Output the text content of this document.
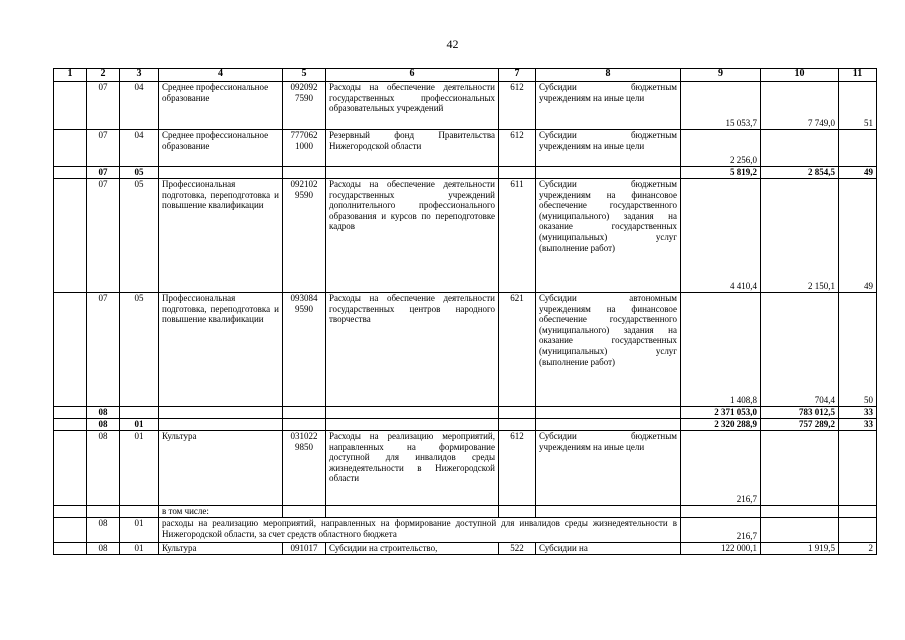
42
1	2	3	4	5	6	7	8	9	10	11
	07	04	Среднее профессиональное образование	092092 7590	Расходы на обеспечение деятельности государственных профессиональных образовательных учреждений	612	Субсидии бюджетным учреждениям на иные цели	15 053,7	7 749,0	51
	07	04	Среднее профессиональное образование	777062 1000	Резервный фонд Правительства Нижегородской области	612	Субсидии бюджетным учреждениям на иные цели	2 256,0		
	07	05						5 819,2	2 854,5	49
	07	05	Профессиональная подготовка, переподготовка и повышение квалификации	092102 9590	Расходы на обеспечение деятельности государственных учреждений дополнительного профессионального образования и курсов по переподготовке кадров	611	Субсидии бюджетным учреждениям на финансовое обеспечение государственного (муниципального) задания на оказание государственных (муниципальных) услуг (выполнение работ)	4 410,4	2 150,1	49
	07	05	Профессиональная подготовка, переподготовка и повышение квалификации	093084 9590	Расходы на обеспечение деятельности государственных центров народного творчества	621	Субсидии автономным учреждениям на финансовое обеспечение государственного (муниципального) задания на оказание государственных (муниципальных) услуг (выполнение работ)	1 408,8	704,4	50
	08							2 371 053,0	783 012,5	33
	08	01						2 320 288,9	757 289,2	33
	08	01	Культура	031022 9850	Расходы на реализацию мероприятий, направленных на формирование доступной для инвалидов среды жизнедеятельности в Нижегородской области	612	Субсидии бюджетным учреждениям на иные цели	216,7		
			в том числе:							
	08	01	расходы на реализацию мероприятий, направленных на формирование доступной для инвалидов среды жизнедеятельности в Нижегородской области, за счет средств областного бюджета					216,7		
	08	01	Культура	091017	Субсидии на строительство,	522	Субсидии на	122 000,1	1 919,5	2
